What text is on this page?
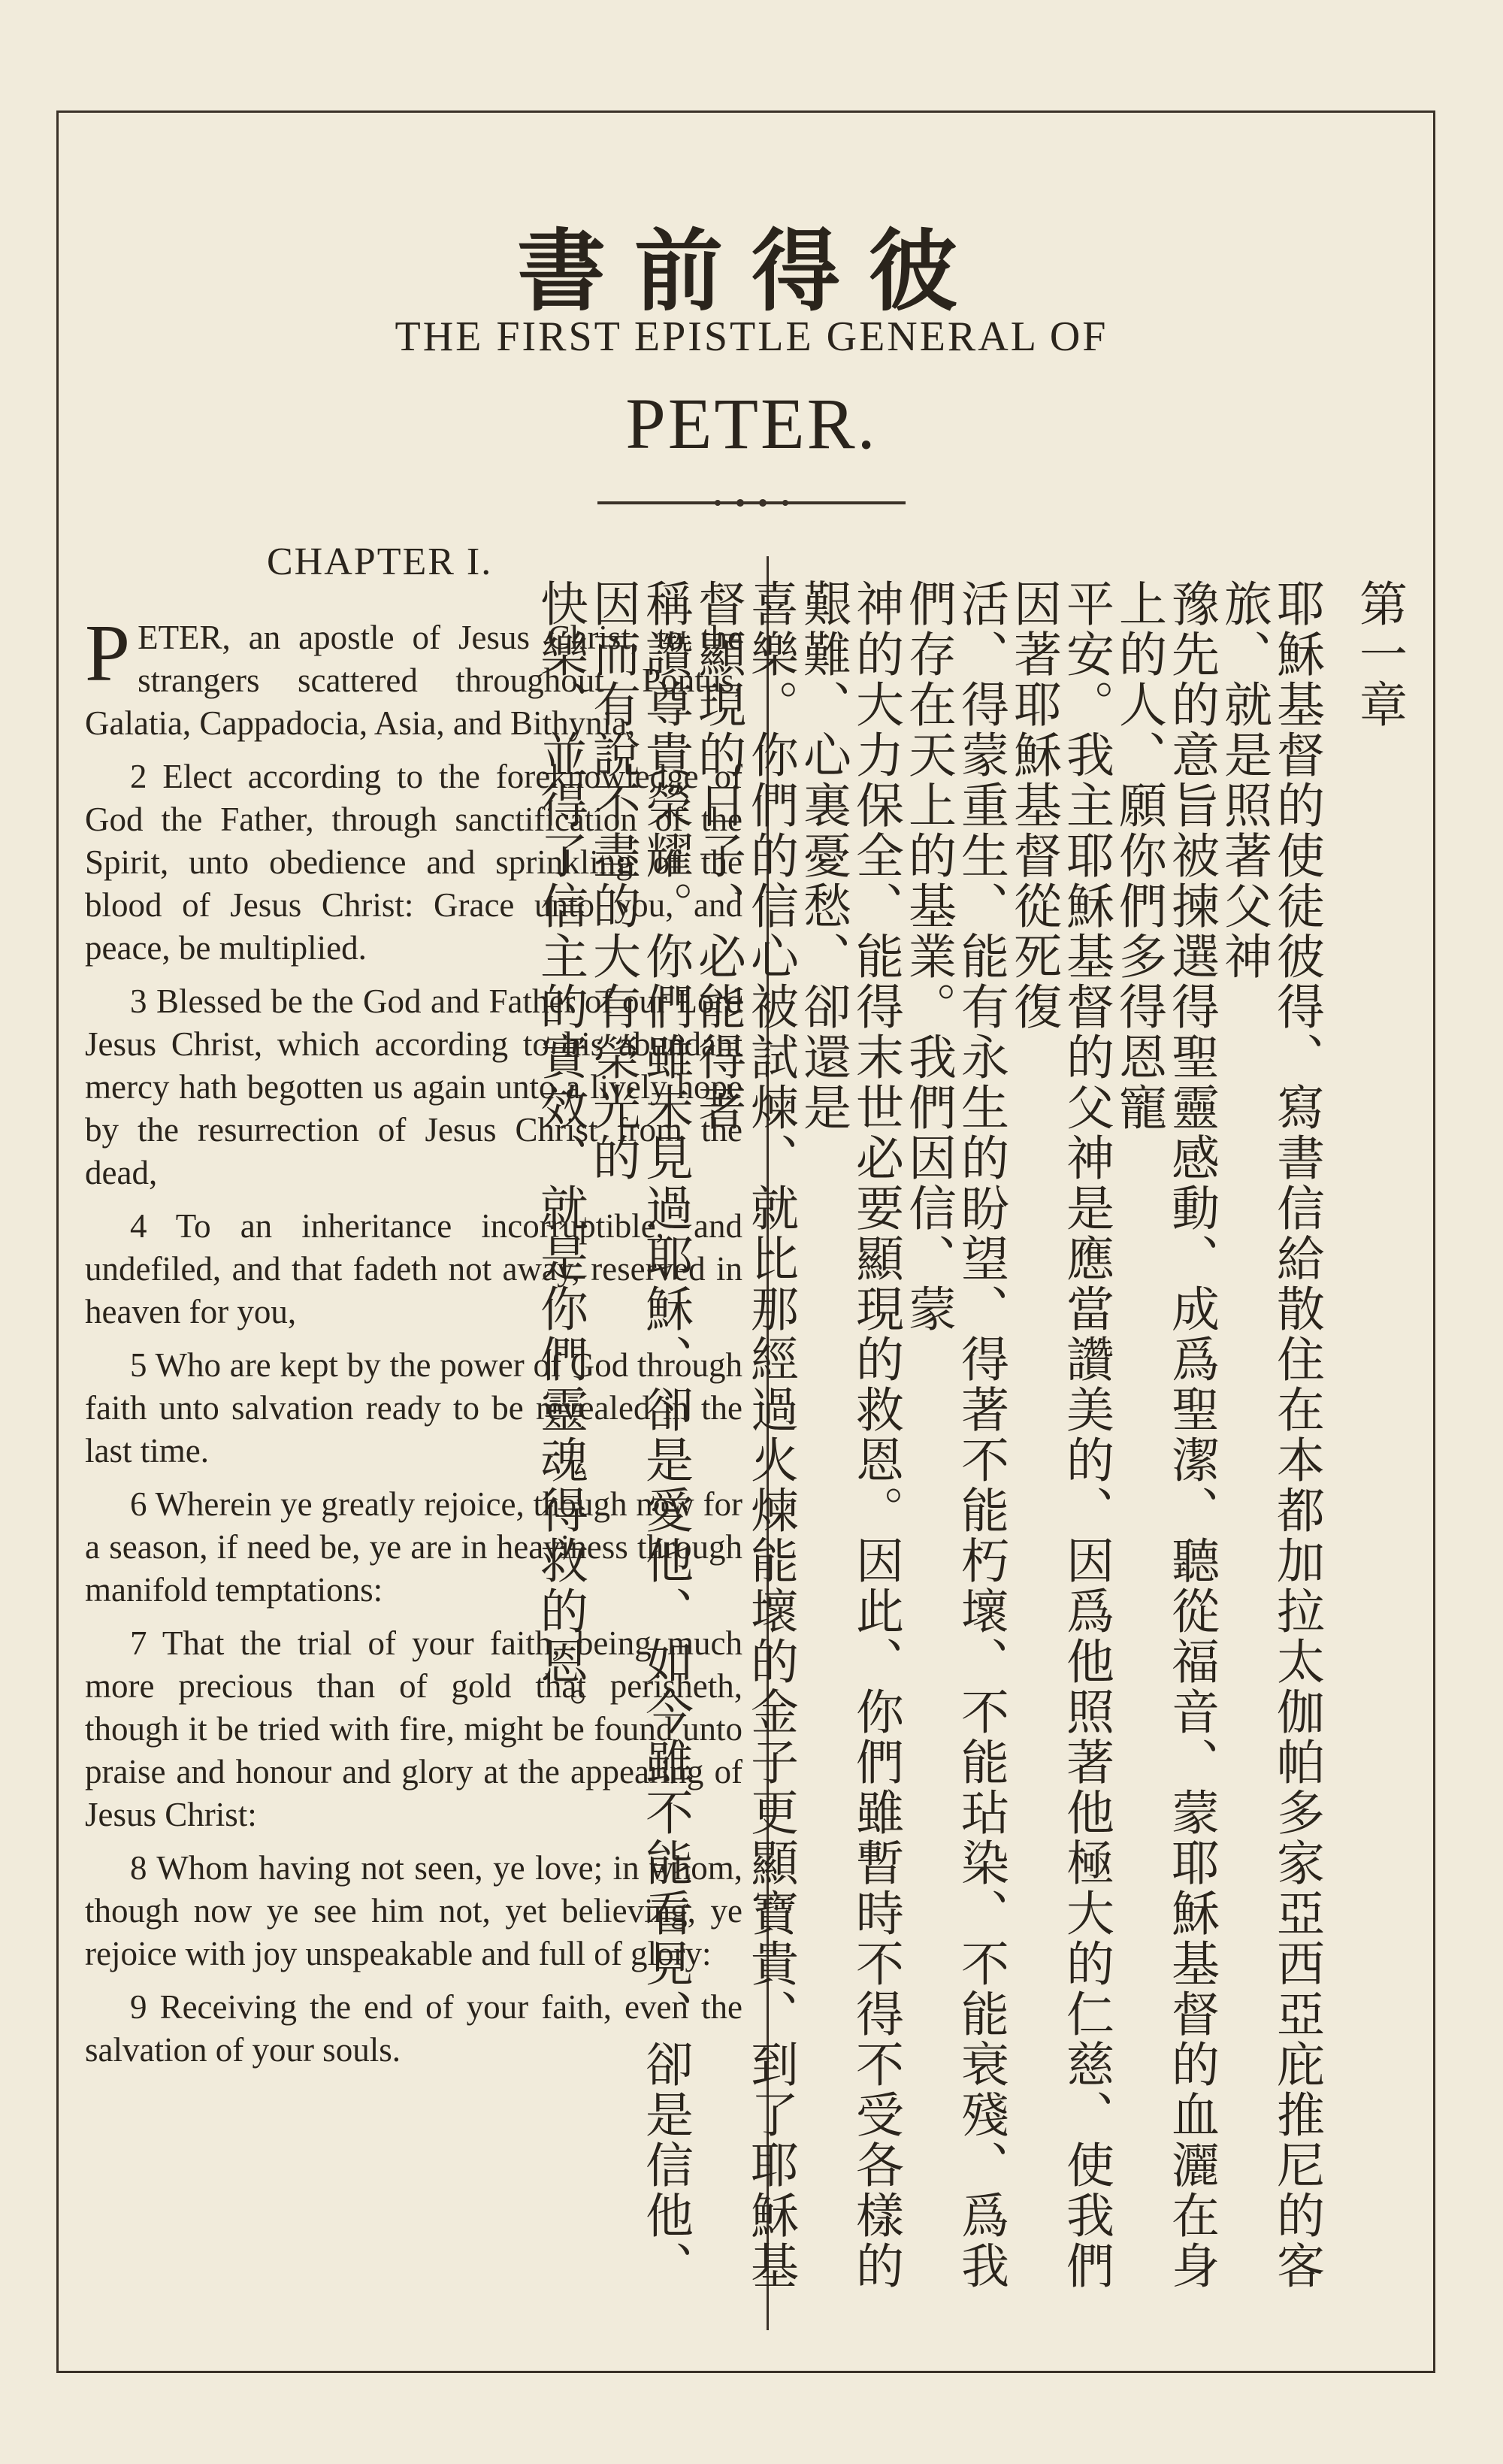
書前得彼
THE FIRST EPISTLE GENERAL OF
PETER.
CHAPTER I.

PETER, an apostle of Jesus Christ, to the strangers scattered throughout Pontus, Galatia, Cappadocia, Asia, and Bithynia,

2 Elect according to the foreknowledge of God the Father, through sanctification of the Spirit, unto obedience and sprinkling of the blood of Jesus Christ: Grace unto you, and peace, be multiplied.

3 Blessed be the God and Father of our Lord Jesus Christ, which according to his abundant mercy hath begotten us again unto a lively hope by the resurrection of Jesus Christ from the dead,

4 To an inheritance incorruptible, and undefiled, and that fadeth not away, reserved in heaven for you,

5 Who are kept by the power of God through faith unto salvation ready to be revealed in the last time.

6 Wherein ye greatly rejoice, though now for a season, if need be, ye are in heaviness through manifold temptations:

7 That the trial of your faith, being much more precious than of gold that perisheth, though it be tried with fire, might be found unto praise and honour and glory at the appearing of Jesus Christ:

8 Whom having not seen, ye love; in whom, though now ye see him not, yet believing, ye rejoice with joy unspeakable and full of glory:

9 Receiving the end of your faith, even the salvation of your souls.

第一章

耶穌基督的使徒彼得、寫書信給散住在本都加拉太伽帕多家亞西亞庇推尼的客旅、就是照著父神

豫先的意旨被揀選得聖靈感動、成爲聖潔、聽從福音、蒙耶穌基督的血灑在身上的人、願你們多得恩寵

平安。我主耶穌基督的父神是應當讚美的、因爲他照著他極大的仁慈、使我們因著耶穌基督從死復

活、得蒙重生、能有永生的盼望、得著不能朽壞、不能玷染、不能衰殘、爲我們存在天上的基業。我們因信、蒙

神的大力保全、能得末世必要顯現的救恩。因此、你們雖暫時不得不受各樣的艱難、心裏憂愁、卻還是

喜樂。你們的信心被試煉、就比那經過火煉能壞的金子更顯寶貴、到了耶穌基督顯現的日子、必能得著

稱讚尊貴榮耀。你們雖未見過耶穌、卻是愛他、如今雖不能看見、卻是信他、因而有說不盡的大有榮光的

快樂、並得了信主的實效、就是你們靈魂得救的恩。
